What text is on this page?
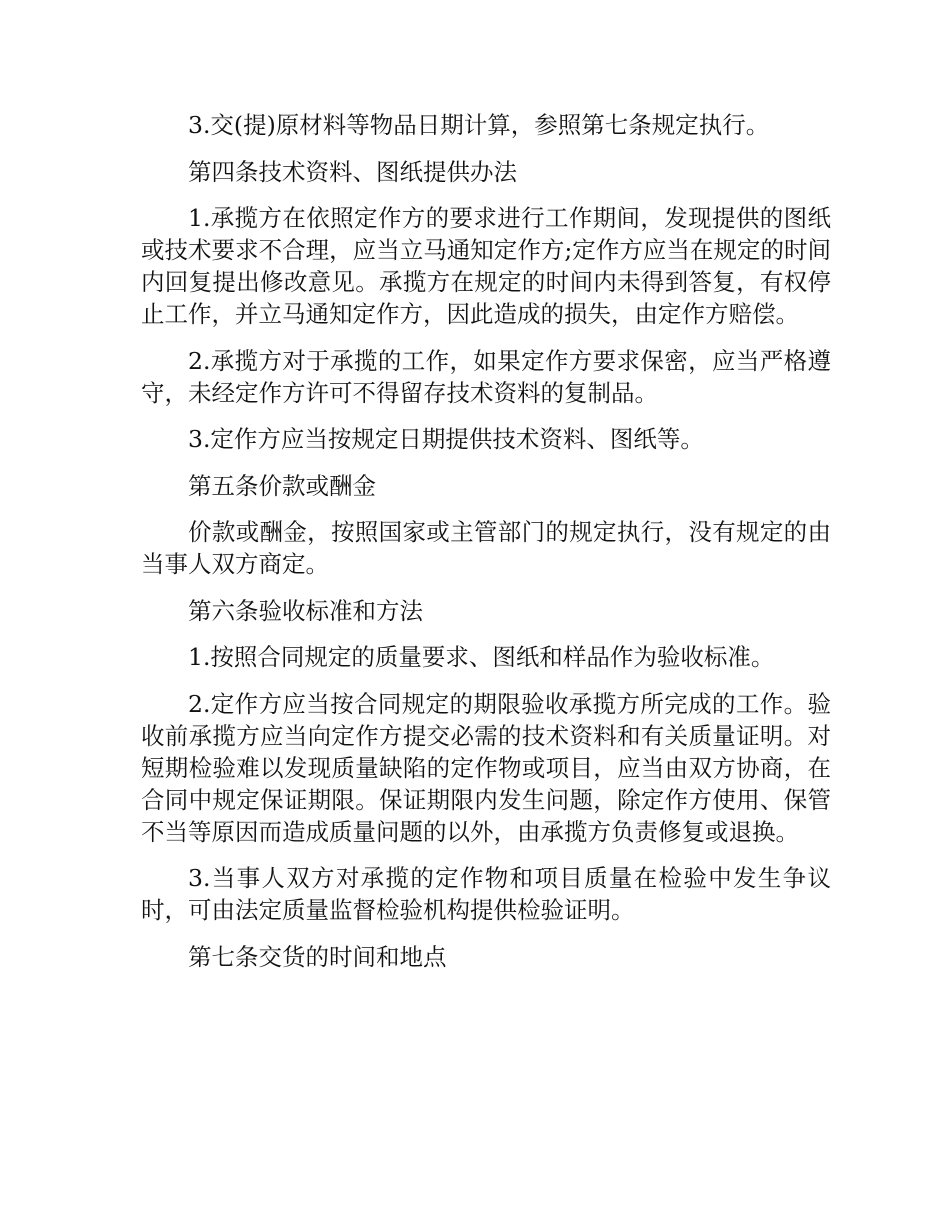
3.交(提)原材料等物品日期计算，参照第七条规定执行。

第四条技术资料、图纸提供办法

1.承揽方在依照定作方的要求进行工作期间，发现提供的图纸或技术要求不合理，应当立马通知定作方;定作方应当在规定的时间内回复提出修改意见。承揽方在规定的时间内未得到答复，有权停止工作，并立马通知定作方，因此造成的损失，由定作方赔偿。

2.承揽方对于承揽的工作，如果定作方要求保密，应当严格遵守，未经定作方许可不得留存技术资料的复制品。

3.定作方应当按规定日期提供技术资料、图纸等。

第五条价款或酬金

价款或酬金，按照国家或主管部门的规定执行，没有规定的由当事人双方商定。

第六条验收标准和方法

1.按照合同规定的质量要求、图纸和样品作为验收标准。

2.定作方应当按合同规定的期限验收承揽方所完成的工作。验收前承揽方应当向定作方提交必需的技术资料和有关质量证明。对短期检验难以发现质量缺陷的定作物或项目，应当由双方协商，在合同中规定保证期限。保证期限内发生问题，除定作方使用、保管不当等原因而造成质量问题的以外，由承揽方负责修复或退换。

3.当事人双方对承揽的定作物和项目质量在检验中发生争议时，可由法定质量监督检验机构提供检验证明。

第七条交货的时间和地点
